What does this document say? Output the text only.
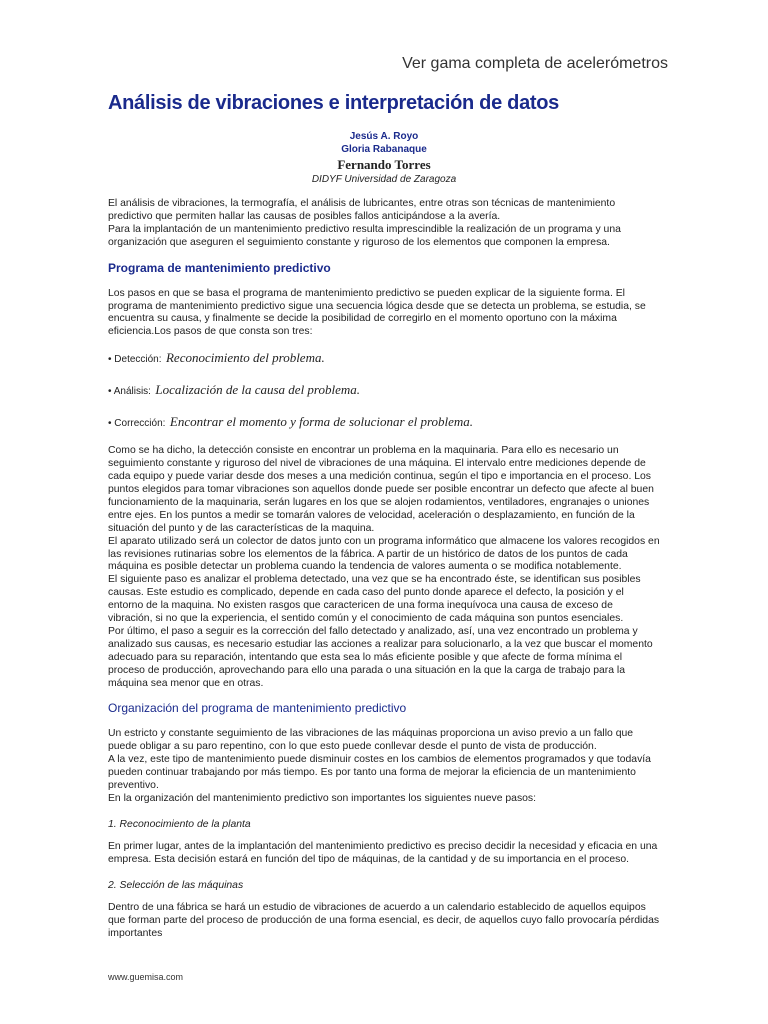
Ver gama completa de acelerómetros
Análisis de vibraciones e interpretación de datos
Jesús A. Royo
Gloria Rabanaque
Fernando Torres
DIDYF Universidad de Zaragoza

El análisis de vibraciones, la termografía, el análisis de lubricantes, entre otras son técnicas de mantenimiento predictivo que permiten hallar las causas de posibles fallos anticipándose a la avería.
Para la implantación de un mantenimiento predictivo resulta imprescindible la realización de un programa y una organización que aseguren el seguimiento constante y riguroso de los elementos que componen la empresa.

Programa de mantenimiento predictivo

Los pasos en que se basa el programa de mantenimiento predictivo se pueden explicar de la siguiente forma. El programa de mantenimiento predictivo sigue una secuencia lógica desde que se detecta un problema, se estudia, se encuentra su causa, y finalmente se decide la posibilidad de corregirlo en el momento oportuno con la máxima eficiencia.Los pasos de que consta son tres:

• Detección: Reconocimiento del problema.
• Análisis: Localización de la causa del problema.
• Corrección: Encontrar el momento y forma de solucionar el problema.

Como se ha dicho, la detección consiste en encontrar un problema en la maquinaria. Para ello es necesario un seguimiento constante y riguroso del nivel de vibraciones de una máquina. El intervalo entre mediciones depende de cada equipo y puede variar desde dos meses a una medición continua, según el tipo e importancia en el proceso. Los puntos elegidos para tomar vibraciones son aquellos donde puede ser posible encontrar un defecto que afecte al buen funcionamiento de la maquinaria, serán lugares en los que se alojen rodamientos, ventiladores, engranajes o uniones entre ejes. En los puntos a medir se tomarán valores de velocidad, aceleración o desplazamiento, en función de la situación del punto y de las características de la maquina.
El aparato utilizado será un colector de datos junto con un programa informático que almacene los valores recogidos en las revisiones rutinarias sobre los elementos de la fábrica. A partir de un histórico de datos de los puntos de cada máquina es posible detectar un problema cuando la tendencia de valores aumenta o se modifica notablemente.
El siguiente paso es analizar el problema detectado, una vez que se ha encontrado éste, se identifican sus posibles causas. Este estudio es complicado, depende en cada caso del punto donde aparece el defecto, la posición y el entorno de la maquina. No existen rasgos que caractericen de una forma inequívoca una causa de exceso de vibración, si no que la experiencia, el sentido común y el conocimiento de cada máquina son puntos esenciales.
Por último, el paso a seguir es la corrección del fallo detectado y analizado, así, una vez encontrado un problema y analizado sus causas, es necesario estudiar las acciones a realizar para solucionarlo, a la vez que buscar el momento adecuado para su reparación, intentando que esta sea lo más eficiente posible y que afecte de forma mínima el proceso de producción, aprovechando para ello una parada o una situación en la que la carga de trabajo para la máquina sea menor que en otras.

Organización del programa de mantenimiento predictivo

Un estricto y constante seguimiento de las vibraciones de las máquinas proporciona un aviso previo a un fallo que puede obligar a su paro repentino, con lo que esto puede conllevar desde el punto de vista de producción.
A la vez, este tipo de mantenimiento puede disminuir costes en los cambios de elementos programados y que todavía pueden continuar trabajando por más tiempo. Es por tanto una forma de mejorar la eficiencia de un mantenimiento preventivo.
En la organización del mantenimiento predictivo son importantes los siguientes nueve pasos:

1. Reconocimiento de la planta

En primer lugar, antes de la implantación del mantenimiento predictivo es preciso decidir la necesidad y eficacia en una empresa. Esta decisión estará en función del tipo de máquinas, de la cantidad y de su importancia en el proceso.

2. Selección de las máquinas

Dentro de una fábrica se hará un estudio de vibraciones de acuerdo a un calendario establecido de aquellos equipos que forman parte del proceso de producción de una forma esencial, es decir, de aquellos cuyo fallo provocaría pérdidas importantes

www.guemisa.com
